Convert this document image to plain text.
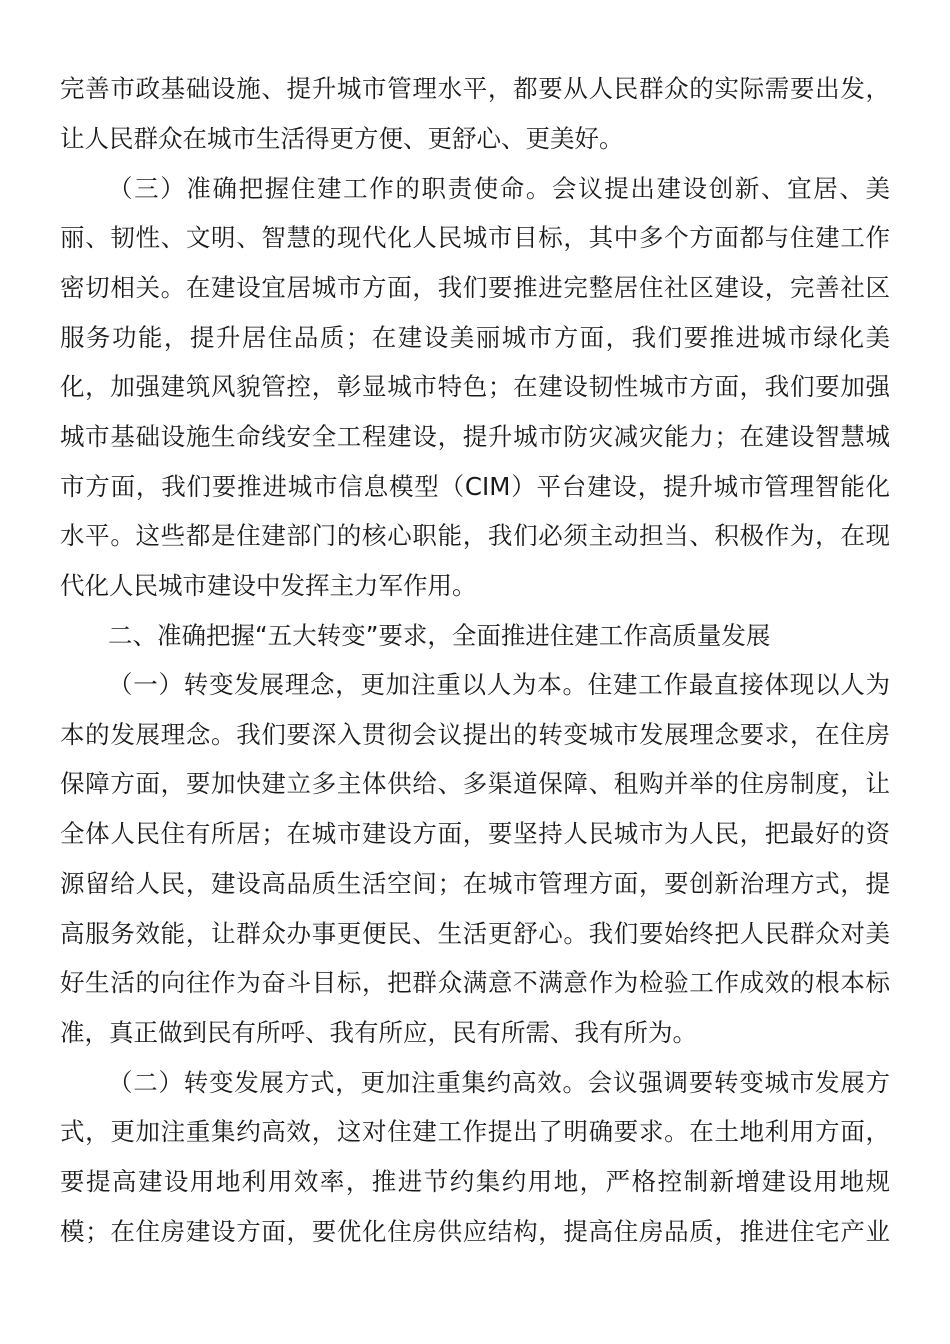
完善市政基础设施、提升城市管理水平，都要从人民群众的实际需要出发，
让人民群众在城市生活得更方便、更舒心、更美好。
（三）准确把握住建工作的职责使命。会议提出建设创新、宜居、美
丽、韧性、文明、智慧的现代化人民城市目标，其中多个方面都与住建工作
密切相关。在建设宜居城市方面，我们要推进完整居住社区建设，完善社区
服务功能，提升居住品质；在建设美丽城市方面，我们要推进城市绿化美
化，加强建筑风貌管控，彰显城市特色；在建设韧性城市方面，我们要加强
城市基础设施生命线安全工程建设，提升城市防灾减灾能力；在建设智慧城
市方面，我们要推进城市信息模型（CIM）平台建设，提升城市管理智能化
水平。这些都是住建部门的核心职能，我们必须主动担当、积极作为，在现
代化人民城市建设中发挥主力军作用。
二、准确把握“五大转变”要求，全面推进住建工作高质量发展
（一）转变发展理念，更加注重以人为本。住建工作最直接体现以人为
本的发展理念。我们要深入贯彻会议提出的转变城市发展理念要求，在住房
保障方面，要加快建立多主体供给、多渠道保障、租购并举的住房制度，让
全体人民住有所居；在城市建设方面，要坚持人民城市为人民，把最好的资
源留给人民，建设高品质生活空间；在城市管理方面，要创新治理方式，提
高服务效能，让群众办事更便民、生活更舒心。我们要始终把人民群众对美
好生活的向往作为奋斗目标，把群众满意不满意作为检验工作成效的根本标
准，真正做到民有所呼、我有所应，民有所需、我有所为。
（二）转变发展方式，更加注重集约高效。会议强调要转变城市发展方
式，更加注重集约高效，这对住建工作提出了明确要求。在土地利用方面，
要提高建设用地利用效率，推进节约集约用地，严格控制新增建设用地规
模；在住房建设方面，要优化住房供应结构，提高住房品质，推进住宅产业
